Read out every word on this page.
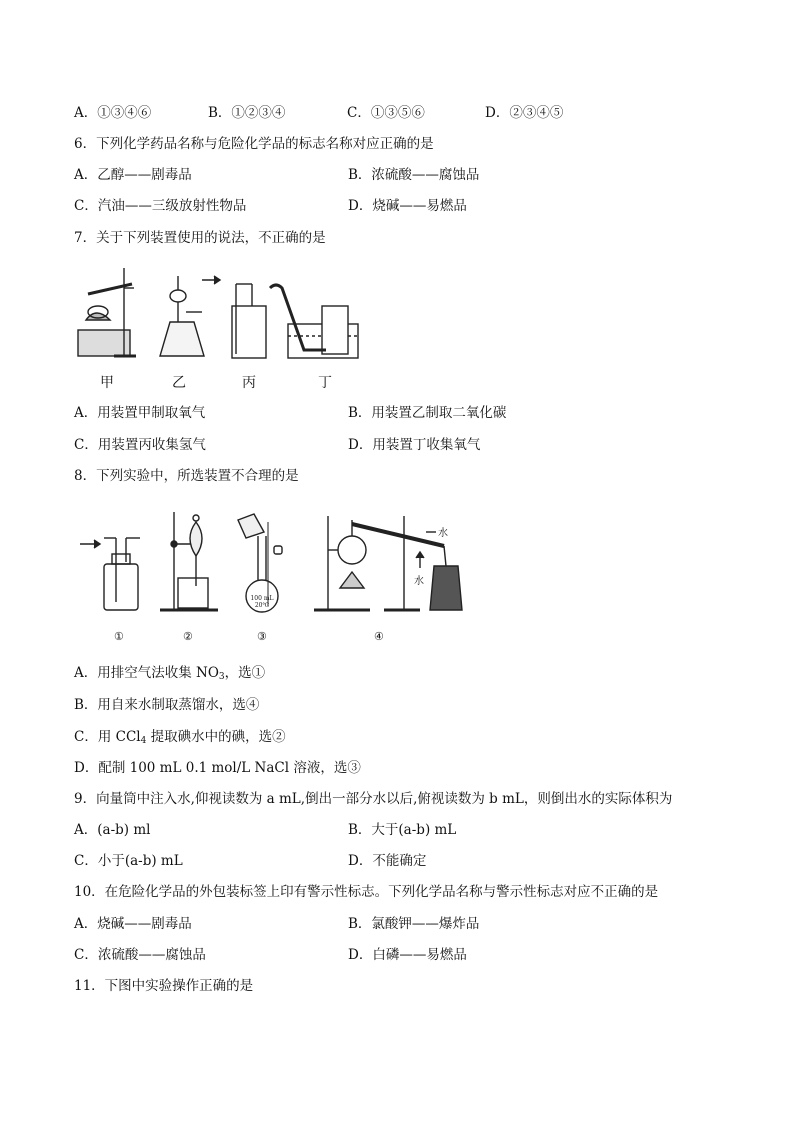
A．①③④⑥	B．①②③④	C．①③⑤⑥	D．②③④⑤
6．下列化学药品名称与危险化学品的标志名称对应正确的是
A．乙醇——剧毒品	B．浓硫酸——腐蚀品
C．汽油——三级放射性物品	D．烧碱——易燃品
7．关于下列装置使用的说法，不正确的是
甲	乙	丙	丁
A．用装置甲制取氧气	B．用装置乙制取二氧化碳
C．用装置丙收集氢气	D．用装置丁收集氧气
8．下列实验中，所选装置不合理的是
100 mL
20℃
水
水
①	②	③	④
A．用排空气法收集 $NO_3$，选①
B．用自来水制取蒸馏水，选④
C．用 CCl$_4$ 提取碘水中的碘，选②
D．配制 100 mL 0.1 mol/L NaCl 溶液，选③
9．向量筒中注入水,仰视读数为 a mL,倒出一部分水以后,俯视读数为 b mL，则倒出水的实际体积为
A．(a-b) ml	B．大于(a-b) mL
C．小于(a-b) mL	D．不能确定
10．在危险化学品的外包装标签上印有警示性标志。下列化学品名称与警示性标志对应不正确的是
A．烧碱——剧毒品	B．氯酸钾——爆炸品
C．浓硫酸——腐蚀品	D．白磷——易燃品
11．下图中实验操作正确的是
